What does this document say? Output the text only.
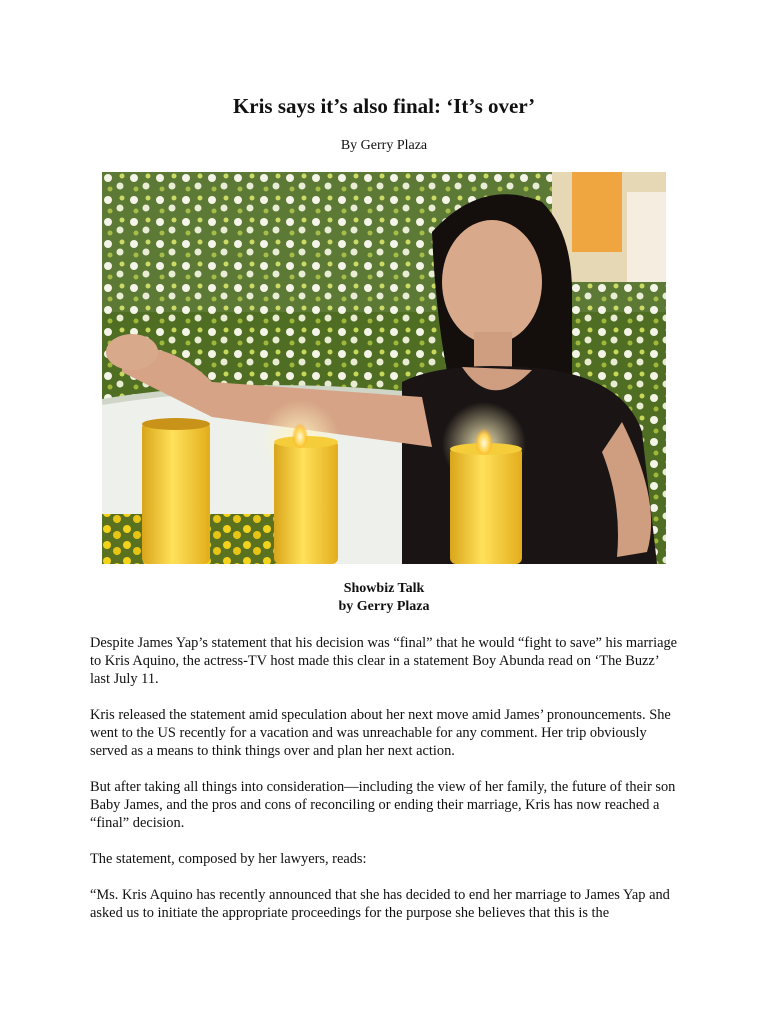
Kris says it’s also final: ‘It’s over’
By Gerry Plaza
Showbiz Talk
by Gerry Plaza

Despite James Yap’s statement that his decision was “final” that he would “fight to save” his marriage to Kris Aquino, the actress-TV host made this clear in a statement Boy Abunda read on ‘The Buzz’ last July 11.

Kris released the statement amid speculation about her next move amid James’ pronouncements. She went to the US recently for a vacation and was unreachable for any comment. Her trip obviously served as a means to think things over and plan her next action.

But after taking all things into consideration—including the view of her family, the future of their son Baby James, and the pros and cons of reconciling or ending their marriage, Kris has now reached a “final” decision.

The statement, composed by her lawyers, reads:

“Ms. Kris Aquino has recently announced that she has decided to end her marriage to James Yap and asked us to initiate the appropriate proceedings for the purpose she believes that this is the
